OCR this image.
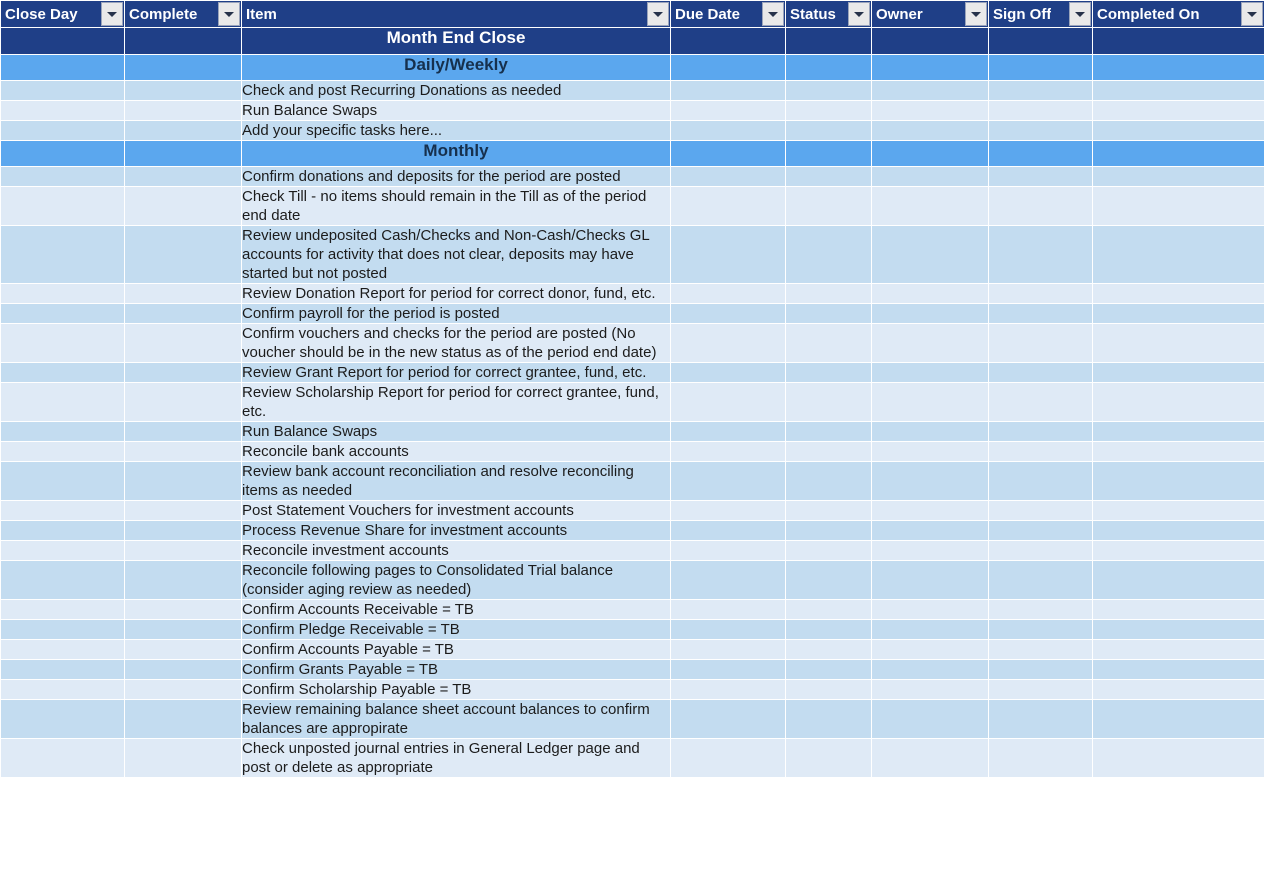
Close Day	Complete	Item	Due Date	Status	Owner	Sign Off	Completed On

		Month End Close					
		Daily/Weekly					
		Check and post Recurring Donations as needed					
		Run Balance Swaps					
		Add your specific tasks here...					
		Monthly					
		Confirm donations and deposits for the period are posted					
		Check Till - no items should remain in the Till as of the period end date					
		Review undeposited Cash/Checks and Non-Cash/Checks GL accounts for activity that does not clear, deposits may have started but not posted					
		Review Donation Report for period for correct donor, fund, etc.					
		Confirm payroll for the period is posted					
		Confirm vouchers and checks for the period are posted (No voucher should be in the new status as of the period end date)					
		Review Grant Report for period for correct grantee, fund, etc.					
		Review Scholarship Report for period for correct grantee, fund, etc.					
		Run Balance Swaps					
		Reconcile bank accounts					
		Review bank account reconciliation and resolve reconciling items as needed					
		Post Statement Vouchers for investment accounts					
		Process Revenue Share for investment accounts					
		Reconcile investment accounts					
		Reconcile following pages to Consolidated Trial balance (consider aging review as needed)					
		Confirm Accounts Receivable = TB					
		Confirm Pledge Receivable = TB					
		Confirm Accounts Payable = TB					
		Confirm Grants Payable = TB					
		Confirm Scholarship Payable = TB					
		Review remaining balance sheet account balances to confirm balances are appropirate					
		Check unposted journal entries in General Ledger page and post or delete as appropriate					
